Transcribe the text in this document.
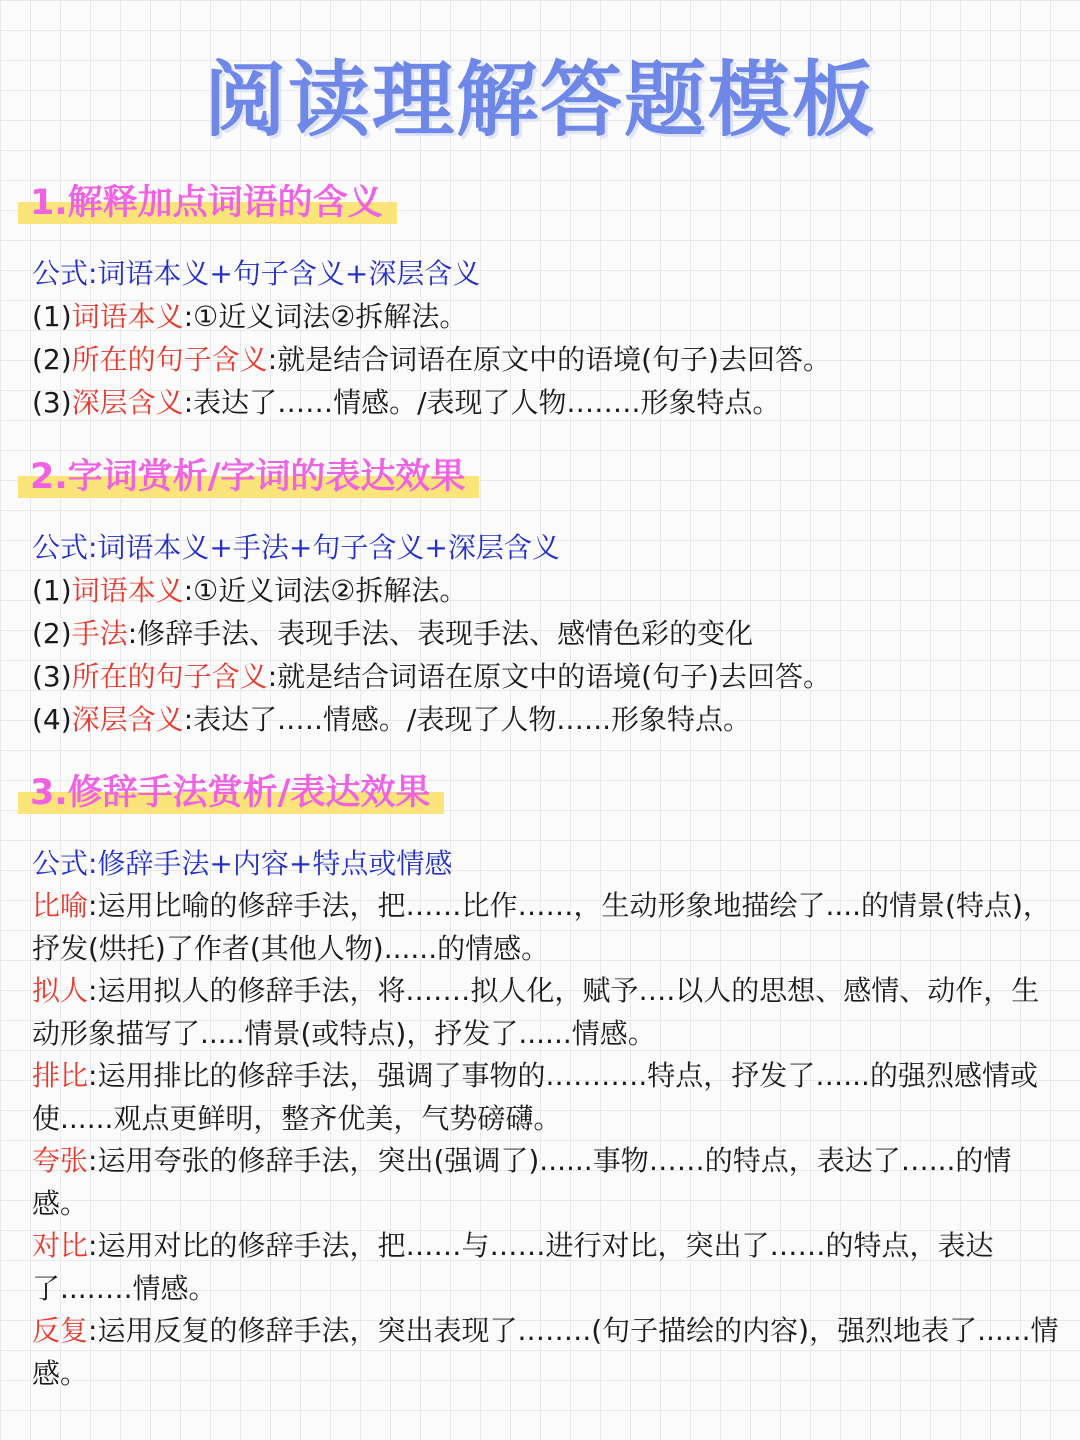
阅读理解答题模板
1.解释加点词语的含义
公式:词语本义+句子含义+深层含义
(1)词语本义:①近义词法②拆解法。
(2)所在的句子含义:就是结合词语在原文中的语境(句子)去回答。
(3)深层含义:表达了……情感。/表现了人物.…….形象特点。
2.字词赏析/字词的表达效果
公式:词语本义+手法+句子含义+深层含义
(1)词语本义:①近义词法②拆解法。
(2)手法:修辞手法、表现手法、表现手法、感情色彩的变化
(3)所在的句子含义:就是结合词语在原文中的语境(句子)去回答。
(4)深层含义:表达了.….情感。/表现了人物.…..形象特点。
3.修辞手法赏析/表达效果
公式:修辞手法+内容+特点或情感
比喻:运用比喻的修辞手法，把……比作……，生动形象地描绘了....的情景(特点)，抒发(烘托)了作者(其他人物)......的情感。
拟人:运用拟人的修辞手法，将.……拟人化，赋予….以人的思想、感情、动作，生动形象描写了.....情景(或特点)，抒发了......情感。
排比:运用排比的修辞手法，强调了事物的.……….特点，抒发了…...的强烈感情或使......观点更鲜明，整齐优美，气势磅礴。
夸张:运用夸张的修辞手法，突出(强调了)......事物……的特点，表达了…...的情感。
对比:运用对比的修辞手法，把……与……进行对比，突出了……的特点，表达了....….情感。
反复:运用反复的修辞手法，突出表现了.…….(句子描绘的内容)，强烈地表了......情感。
